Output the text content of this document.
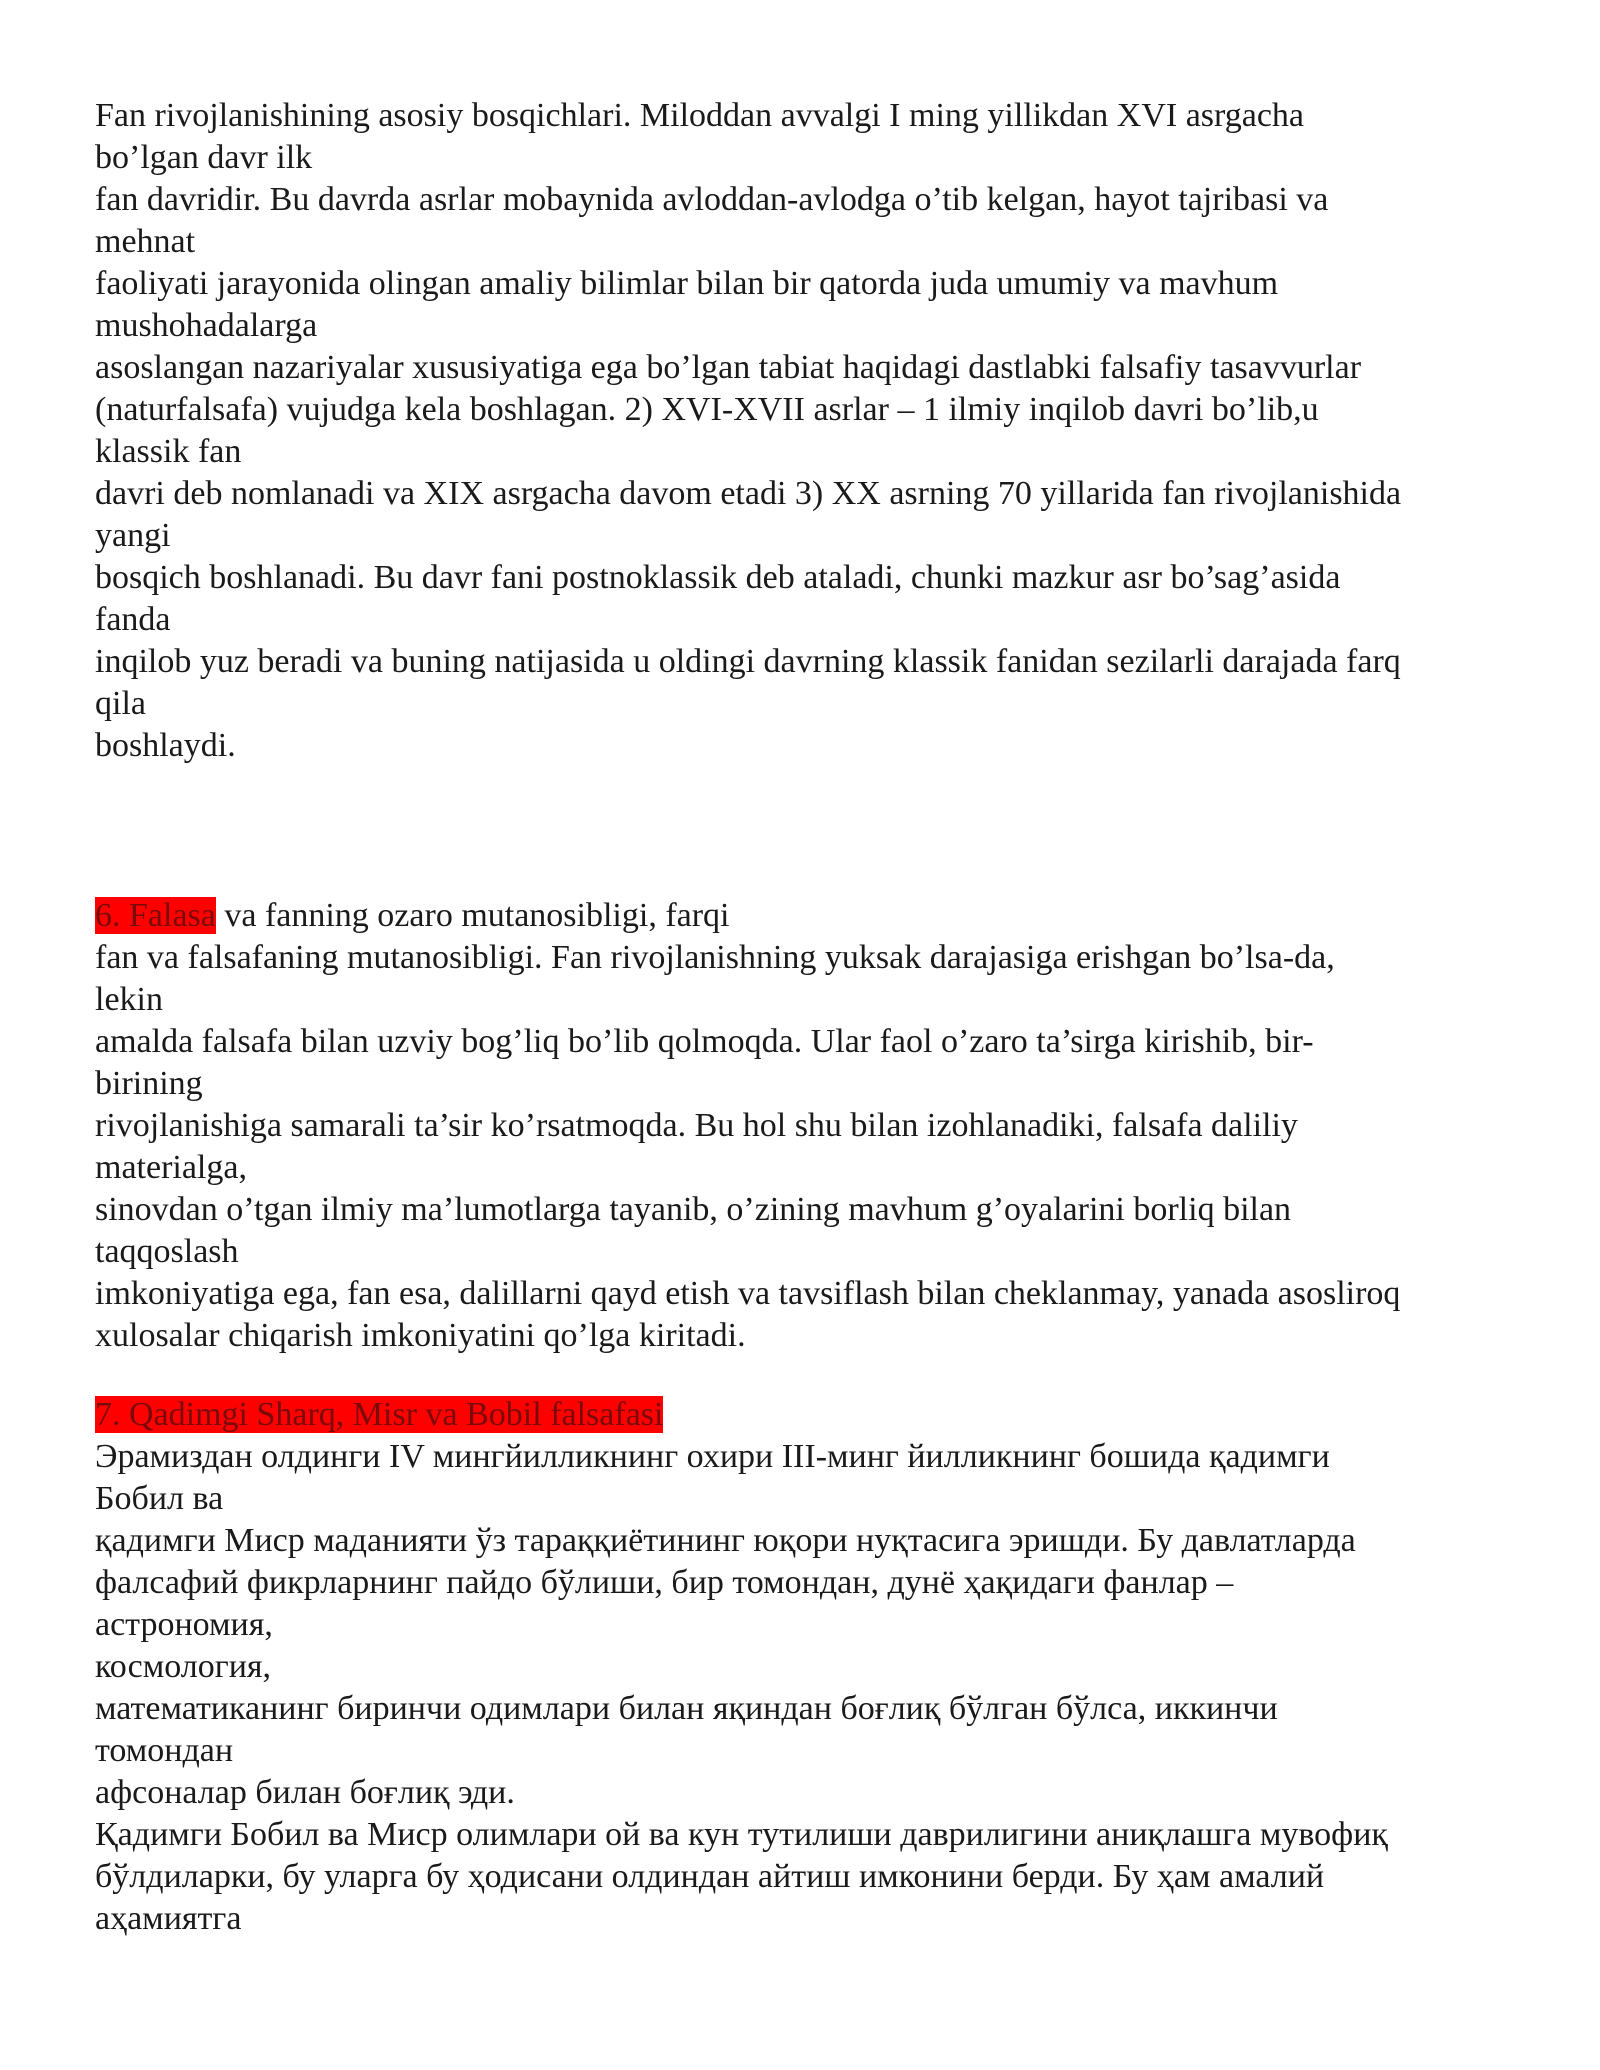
Fan rivojlanishining asosiy bosqichlari. Miloddan avvalgi I ming yillikdan XVI asrgacha
bo’lgan davr ilk
fan davridir. Bu davrda asrlar mobaynida avloddan-avlodga o’tib kelgan, hayot tajribasi va
mehnat
faoliyati jarayonida olingan amaliy bilimlar bilan bir qatorda juda umumiy va mavhum
mushohadalarga
asoslangan nazariyalar xususiyatiga ega bo’lgan tabiat haqidagi dastlabki falsafiy tasavvurlar
(naturfalsafa) vujudga kela boshlagan. 2) XVI-XVII asrlar – 1 ilmiy inqilob davri bo’lib,u
klassik fan
davri deb nomlanadi va XIX asrgacha davom etadi 3) XX asrning 70 yillarida fan rivojlanishida
yangi
bosqich boshlanadi. Bu davr fani postnoklassik deb ataladi, chunki mazkur asr bo’sag’asida
fanda
inqilob yuz beradi va buning natijasida u oldingi davrning klassik fanidan sezilarli darajada farq
qila
boshlaydi.
6. Falasa va fanning ozaro mutanosibligi, farqi
fan va falsafaning mutanosibligi. Fan rivojlanishning yuksak darajasiga erishgan bo’lsa-da,
lekin
amalda falsafa bilan uzviy bog’liq bo’lib qolmoqda. Ular faol o’zaro ta’sirga kirishib, bir-
birining
rivojlanishiga samarali ta’sir ko’rsatmoqda. Bu hol shu bilan izohlanadiki, falsafa daliliy
materialga,
sinovdan o’tgan ilmiy ma’lumotlarga tayanib, o’zining mavhum g’oyalarini borliq bilan
taqqoslash
imkoniyatiga ega, fan esa, dalillarni qayd etish va tavsiflash bilan cheklanmay, yanada asosliroq
xulosalar chiqarish imkoniyatini qo’lga kiritadi.
7. Qadimgi Sharq, Misr va Bobil falsafasi
Эрамиздан олдинги IV мингйилликнинг охири III-минг йилликнинг бошида қадимги
Бобил ва
қадимги Миср маданияти ўз тараққиётининг юқори нуқтасига эришди. Бу давлатларда
фалсафий фикрларнинг пайдо бўлиши, бир томондан, дунё ҳақидаги фанлар –
астрономия,
космология,
математиканинг биринчи одимлари билан яқиндан боғлиқ бўлган бўлса, иккинчи
томондан
афсоналар билан боғлиқ эди.
Қадимги Бобил ва Миср олимлари ой ва кун тутилиши даврилигини аниқлашга мувофиқ
бўлдиларки, бу уларга бу ҳодисани олдиндан айтиш имконини берди. Бу ҳам амалий
аҳамиятга
